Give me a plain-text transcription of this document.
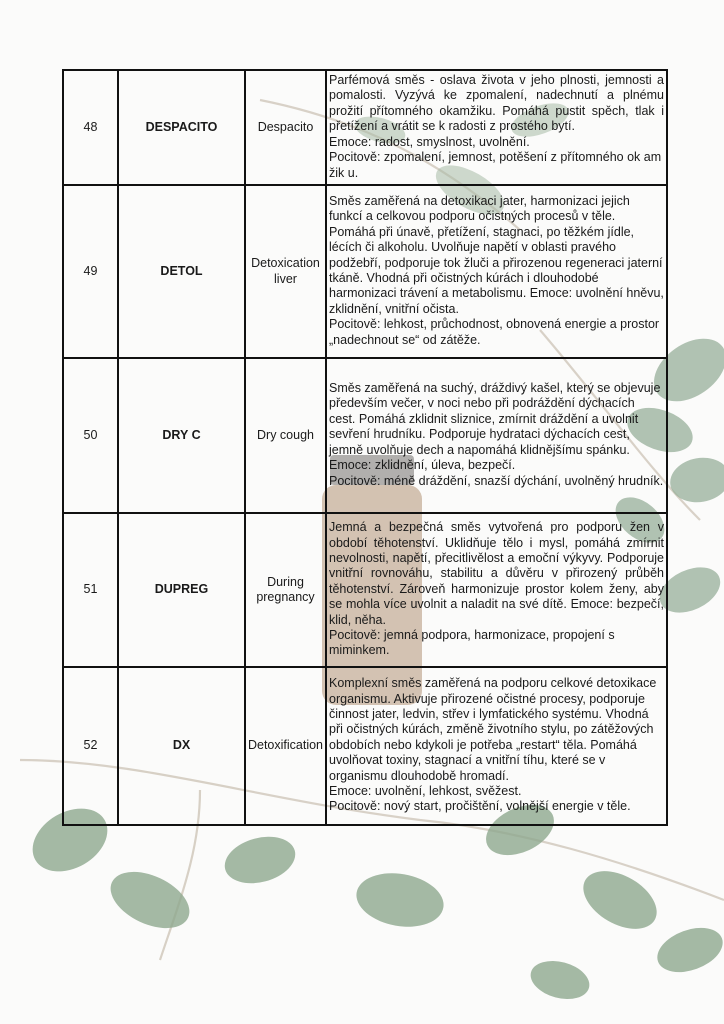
48	DESPACITO	Despacito	Parfémová směs - oslava života v jeho plnosti, jemnosti a pomalosti. Vyzývá ke zpomalení, nadechnutí a plnému prožití přítomného okamžiku. Pomáhá pustit spěch, tlak i přetížení a vrátit se k radosti z prostého bytí.
Emoce: radost, smyslnost, uvolnění.
Pocitově: zpomalení, jemnost, potěšení z přítomného ok am žik u.

49	DETOL	Detoxication liver	Směs zaměřená na detoxikaci jater, harmonizaci jejich funkcí a celkovou podporu očistných procesů v těle. Pomáhá při únavě, přetížení, stagnaci, po těžkém jídle, lécích či alkoholu. Uvolňuje napětí v oblasti pravého podžebří, podporuje tok žluči a přirozenou regeneraci jaterní tkáně. Vhodná při očistných kúrách i dlouhodobé harmonizaci trávení a metabolismu. Emoce: uvolnění hněvu, zklidnění, vnitřní očista.
Pocitově: lehkost, průchodnost, obnovená energie a prostor „nadechnout se“ od zátěže.

50	DRY C	Dry cough	Směs zaměřená na suchý, dráždivý kašel, který se objevuje především večer, v noci nebo při podráždění dýchacích cest. Pomáhá zklidnit sliznice, zmírnit dráždění a uvolnit sevření hrudníku. Podporuje hydrataci dýchacích cest, jemně uvolňuje dech a napomáhá klidnějšímu spánku.
Emoce: zklidnění, úleva, bezpečí.
Pocitově: méně dráždění, snazší dýchání, uvolněný hrudník.

51	DUPREG	During pregnancy	Jemná a bezpečná směs vytvořená pro podporu žen v období těhotenství. Uklidňuje tělo i mysl, pomáhá zmírnit nevolnosti, napětí, přecitlivělost a emoční výkyvy. Podporuje vnitřní rovnováhu, stabilitu a důvěru v přirozený průběh těhotenství. Zároveň harmonizuje prostor kolem ženy, aby se mohla více uvolnit a naladit na své dítě. Emoce: bezpečí, klid, něha.
Pocitově: jemná podpora, harmonizace, propojení s miminkem.

52	DX	Detoxification	Komplexní směs zaměřená na podporu celkové detoxikace organismu. Aktivuje přirozené očistné procesy, podporuje činnost jater, ledvin, střev i lymfatického systému. Vhodná při očistných kúrách, změně životního stylu, po zátěžových obdobích nebo kdykoli je potřeba „restart“ těla. Pomáhá uvolňovat toxiny, stagnací a vnitřní tíhu, které se v organismu dlouhodobě hromadí.
Emoce: uvolnění, lehkost, svěžest.
Pocitově: nový start, pročištění, volnější energie v těle.
